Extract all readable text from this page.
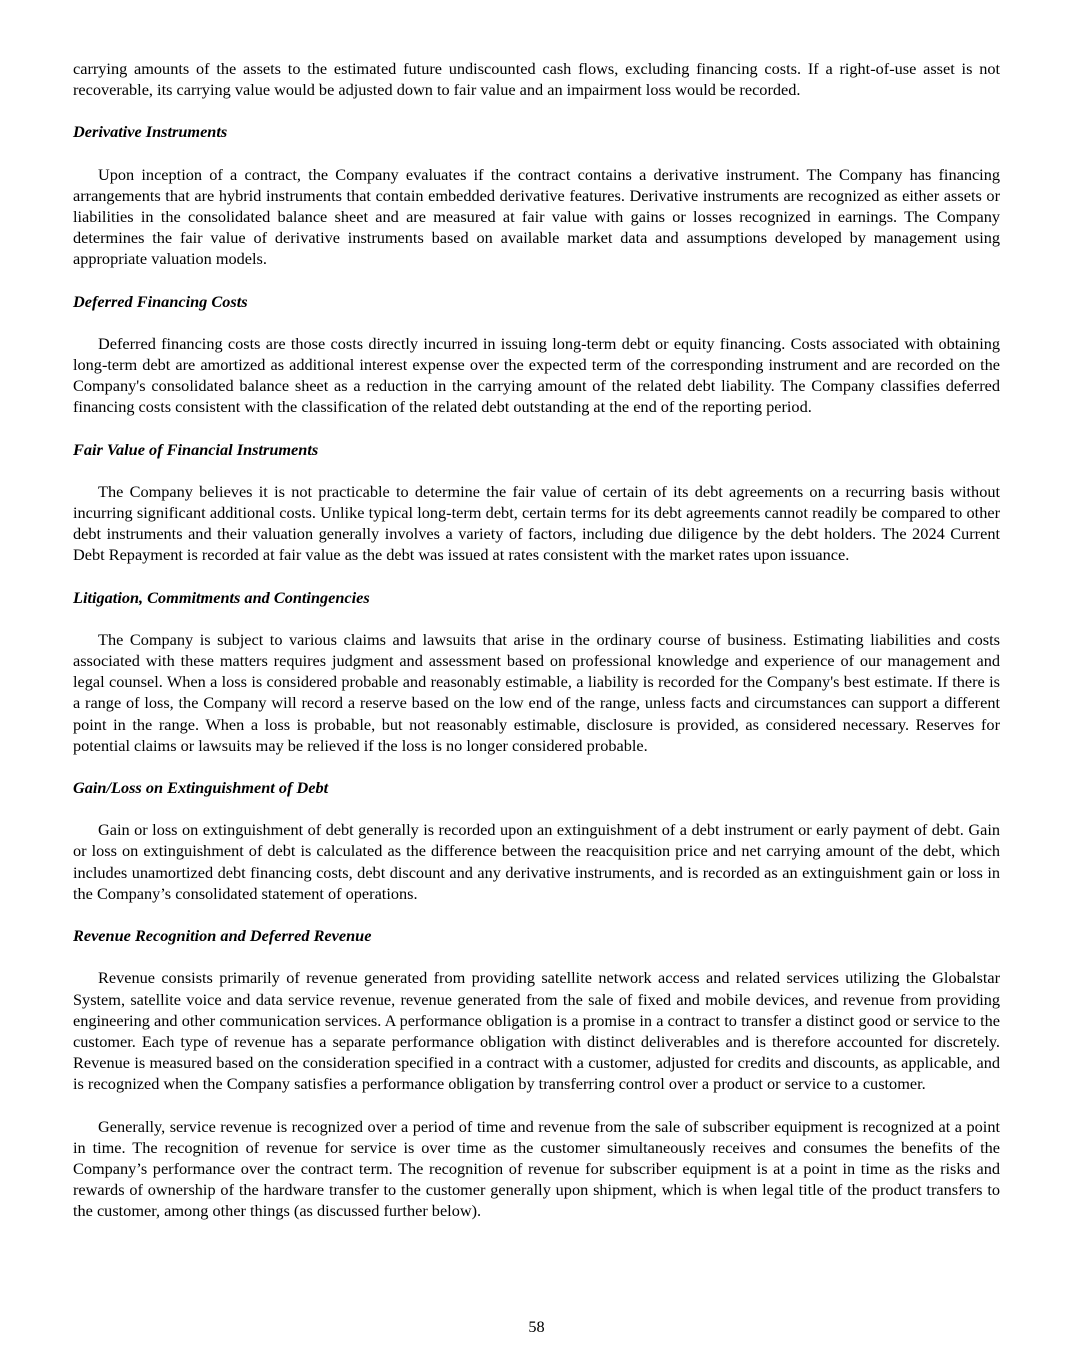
carrying amounts of the assets to the estimated future undiscounted cash flows, excluding financing costs. If a right-of-use asset is not recoverable, its carrying value would be adjusted down to fair value and an impairment loss would be recorded.

Derivative Instruments

Upon inception of a contract, the Company evaluates if the contract contains a derivative instrument. The Company has financing arrangements that are hybrid instruments that contain embedded derivative features. Derivative instruments are recognized as either assets or liabilities in the consolidated balance sheet and are measured at fair value with gains or losses recognized in earnings. The Company determines the fair value of derivative instruments based on available market data and assumptions developed by management using appropriate valuation models.

Deferred Financing Costs

Deferred financing costs are those costs directly incurred in issuing long-term debt or equity financing. Costs associated with obtaining long-term debt are amortized as additional interest expense over the expected term of the corresponding instrument and are recorded on the Company's consolidated balance sheet as a reduction in the carrying amount of the related debt liability. The Company classifies deferred financing costs consistent with the classification of the related debt outstanding at the end of the reporting period.

Fair Value of Financial Instruments

The Company believes it is not practicable to determine the fair value of certain of its debt agreements on a recurring basis without incurring significant additional costs. Unlike typical long-term debt, certain terms for its debt agreements cannot readily be compared to other debt instruments and their valuation generally involves a variety of factors, including due diligence by the debt holders. The 2024 Current Debt Repayment is recorded at fair value as the debt was issued at rates consistent with the market rates upon issuance.

Litigation, Commitments and Contingencies

The Company is subject to various claims and lawsuits that arise in the ordinary course of business. Estimating liabilities and costs associated with these matters requires judgment and assessment based on professional knowledge and experience of our management and legal counsel. When a loss is considered probable and reasonably estimable, a liability is recorded for the Company's best estimate. If there is a range of loss, the Company will record a reserve based on the low end of the range, unless facts and circumstances can support a different point in the range. When a loss is probable, but not reasonably estimable, disclosure is provided, as considered necessary. Reserves for potential claims or lawsuits may be relieved if the loss is no longer considered probable.

Gain/Loss on Extinguishment of Debt

Gain or loss on extinguishment of debt generally is recorded upon an extinguishment of a debt instrument or early payment of debt. Gain or loss on extinguishment of debt is calculated as the difference between the reacquisition price and net carrying amount of the debt, which includes unamortized debt financing costs, debt discount and any derivative instruments, and is recorded as an extinguishment gain or loss in the Company’s consolidated statement of operations.

Revenue Recognition and Deferred Revenue

Revenue consists primarily of revenue generated from providing satellite network access and related services utilizing the Globalstar System, satellite voice and data service revenue, revenue generated from the sale of fixed and mobile devices, and revenue from providing engineering and other communication services. A performance obligation is a promise in a contract to transfer a distinct good or service to the customer. Each type of revenue has a separate performance obligation with distinct deliverables and is therefore accounted for discretely. Revenue is measured based on the consideration specified in a contract with a customer, adjusted for credits and discounts, as applicable, and is recognized when the Company satisfies a performance obligation by transferring control over a product or service to a customer.

Generally, service revenue is recognized over a period of time and revenue from the sale of subscriber equipment is recognized at a point in time. The recognition of revenue for service is over time as the customer simultaneously receives and consumes the benefits of the Company’s performance over the contract term. The recognition of revenue for subscriber equipment is at a point in time as the risks and rewards of ownership of the hardware transfer to the customer generally upon shipment, which is when legal title of the product transfers to the customer, among other things (as discussed further below).

58
